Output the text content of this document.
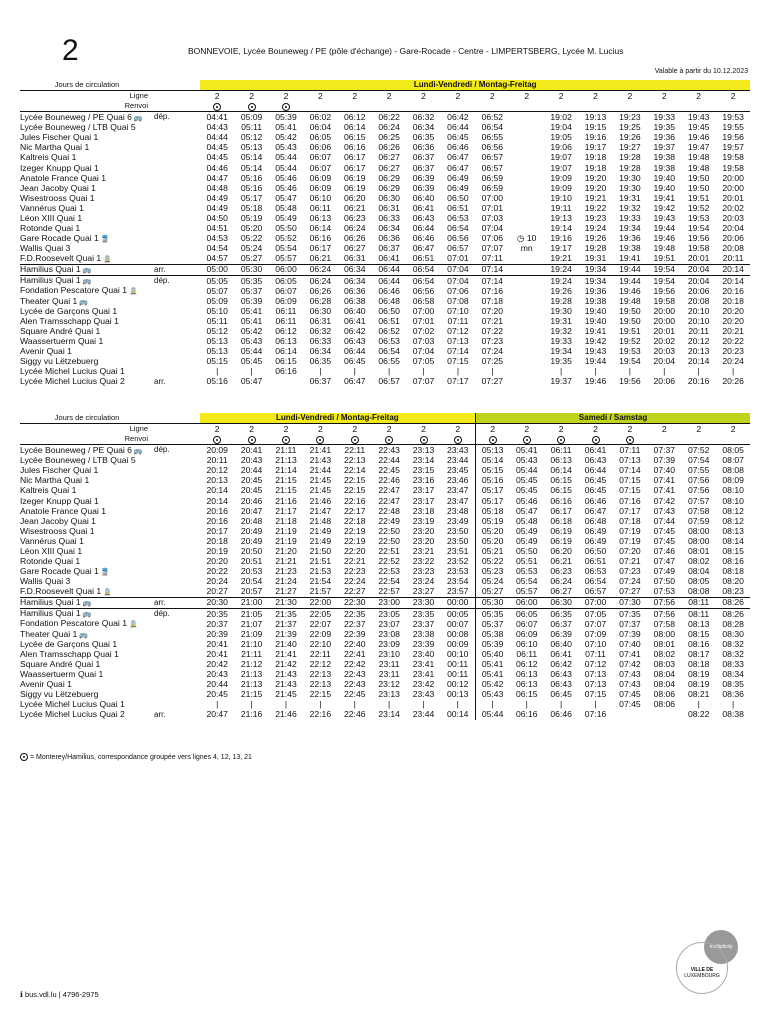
2	BONNEVOIE, Lycée Bouneweg / PE (pôle d'échange) - Gare-Rocade - Centre - LIMPERTSBERG, Lycée M. Lucius
Valable à partir du 10.12.2023
Jours de circulation		Lundi-Vendredi / Montag-Freitag															
Ligne		2	2	2	2	2	2	2	2	2	2	2	2	2	2	2	2
Renvoi																	
Lycée Bouneweg / PE Quai 6 🚌	dép.	04:41	05:09	05:39	06:02	06:12	06:22	06:32	06:42	06:52		19:02	19:13	19:23	19:33	19:43	19:53
Lycée Bouneweg / LTB Quai 5		04:43	05:11	05:41	06:04	06:14	06:24	06:34	06:44	06:54		19:04	19:15	19:25	19:35	19:45	19:55
Jules Fischer Quai 1		04:44	05:12	05:42	06:05	06:15	06:25	06:35	06:45	06:55		19:05	19:16	19:26	19:36	19:46	19:56
Nic Martha Quai 1		04:45	05:13	05:43	06:06	06:16	06:26	06:36	06:46	06:56		19:06	19:17	19:27	19:37	19:47	19:57
Kaltreis Quai 1		04:45	05:14	05:44	06:07	06:17	06:27	06:37	06:47	06:57		19:07	19:18	19:28	19:38	19:48	19:58
Izeger Knupp Quai 1		04:46	05:14	05:44	06:07	06:17	06:27	06:37	06:47	06:57		19:07	19:18	19:28	19:38	19:48	19:58
Anatole France Quai 1		04:47	05:16	05:46	06:09	06:19	06:29	06:39	06:49	06:59		19:09	19:20	19:30	19:40	19:50	20:00
Jean Jacoby Quai 1		04:48	05:16	05:46	06:09	06:19	06:29	06:39	06:49	06:59		19:09	19:20	19:30	19:40	19:50	20:00
Wisestrooss Quai 1		04:49	05:17	05:47	06:10	06:20	06:30	06:40	06:50	07:00		19:10	19:21	19:31	19:41	19:51	20:01
Vannérus Quai 1		04:49	05:18	05:48	06:11	06:21	06:31	06:41	06:51	07:01		19:11	19:22	19:32	19:42	19:52	20:02
Léon XIII Quai 1		04:50	05:19	05:49	06:13	06:23	06:33	06:43	06:53	07:03		19:13	19:23	19:33	19:43	19:53	20:03
Rotonde Quai 1		04:51	05:20	05:50	06:14	06:24	06:34	06:44	06:54	07:04		19:14	19:24	19:34	19:44	19:54	20:04
Gare Rocade Quai 1 🚆		04:53	05:22	05:52	06:16	06:26	06:36	06:46	06:56	07:06	◷ 10	19:16	19:26	19:36	19:46	19:56	20:06
Wallis Quai 3		04:54	05:24	05:54	06:17	06:27	06:37	06:47	06:57	07:07	mn	19:17	19:28	19:38	19:48	19:58	20:08
F.D.Roosevelt Quai 1 🚊		04:57	05:27	05:57	06:21	06:31	06:41	06:51	07:01	07:11		19:21	19:31	19:41	19:51	20:01	20:11
Hamilius Quai 1 🚌	arr.	05:00	05:30	06:00	06:24	06:34	06:44	06:54	07:04	07:14		19:24	19:34	19:44	19:54	20:04	20:14
Hamilius Quai 1 🚌	dép.	05:05	05:35	06:05	06:24	06:34	06:44	06:54	07:04	07:14		19:24	19:34	19:44	19:54	20:04	20:14
Fondation Pescatore Quai 1 🚊		05:07	05:37	06:07	06:26	06:36	06:46	06:56	07:06	07:16		19:26	19:36	19:46	19:56	20:06	20:16
Theater Quai 1 🚌		05:09	05:39	06:09	06:28	06:38	06:48	06:58	07:08	07:18		19:28	19:38	19:48	19:58	20:08	20:18
Lycée de Garçons Quai 1		05:10	05:41	06:11	06:30	06:40	06:50	07:00	07:10	07:20		19:30	19:40	19:50	20:00	20:10	20:20
Alen Tramsschapp Quai 1		05:11	05:41	06:11	06:31	06:41	06:51	07:01	07:11	07:21		19:31	19:40	19:50	20:00	20:10	20:20
Square André Quai 1		05:12	05:42	06:12	06:32	06:42	06:52	07:02	07:12	07:22		19:32	19:41	19:51	20:01	20:11	20:21
Waassertuerm Quai 1		05:13	05:43	06:13	06:33	06:43	06:53	07:03	07:13	07:23		19:33	19:42	19:52	20:02	20:12	20:22
Avenir Quai 1		05:13	05:44	06:14	06:34	06:44	06:54	07:04	07:14	07:24		19:34	19:43	19:53	20:03	20:13	20:23
Siggy vu Lëtzebuerg		05:15	05:45	06:15	06:35	06:45	06:55	07:05	07:15	07:25		19:35	19:44	19:54	20:04	20:14	20:24
Lycée Michel Lucius Quai 1		|	|	06:16	|	|	|	|	|	|		|	|	|	|	|	|
Lycée Michel Lucius Quai 2	arr.	05:16	05:47		06:37	06:47	06:57	07:07	07:17	07:27		19:37	19:46	19:56	20:06	20:16	20:26
Jours de circulation		Lundi-Vendredi / Montag-Freitag								Samedi / Samstag							
Ligne		2	2	2	2	2	2	2	2	2	2	2	2	2	2	2	2
Renvoi																	
Lycée Bouneweg / PE Quai 6 🚌	dép.	20:09	20:41	21:11	21:41	22:11	22:43	23:13	23:43	05:13	05:41	06:11	06:41	07:11	07:37	07:52	08:05
Lycée Bouneweg / LTB Quai 5		20:11	20:43	21:13	21:43	22:13	22:44	23:14	23:44	05:14	05:43	06:13	06:43	07:13	07:39	07:54	08:07
Jules Fischer Quai 1		20:12	20:44	21:14	21:44	22:14	22:45	23:15	23:45	05:15	05:44	06:14	06:44	07:14	07:40	07:55	08:08
Nic Martha Quai 1		20:13	20:45	21:15	21:45	22:15	22:46	23:16	23:46	05:16	05:45	06:15	06:45	07:15	07:41	07:56	08:09
Kaltreis Quai 1		20:14	20:45	21:15	21:45	22:15	22:47	23:17	23:47	05:17	05:45	06:15	06:45	07:15	07:41	07:56	08:10
Izeger Knupp Quai 1		20:14	20:46	21:16	21:46	22:16	22:47	23:17	23:47	05:17	05:46	06:16	06:46	07:16	07:42	07:57	08:10
Anatole France Quai 1		20:16	20:47	21:17	21:47	22:17	22:48	23:18	23:48	05:18	05:47	06:17	06:47	07:17	07:43	07:58	08:12
Jean Jacoby Quai 1		20:16	20:48	21:18	21:48	22:18	22:49	23:19	23:49	05:19	05:48	06:18	06:48	07:18	07:44	07:59	08:12
Wisestrooss Quai 1		20:17	20:49	21:19	21:49	22:19	22:50	23:20	23:50	05:20	05:49	06:19	06:49	07:19	07:45	08:00	08:13
Vannérus Quai 1		20:18	20:49	21:19	21:49	22:19	22:50	23:20	23:50	05:20	05:49	06:19	06:49	07:19	07:45	08:00	08:14
Léon XIII Quai 1		20:19	20:50	21:20	21:50	22:20	22:51	23:21	23:51	05:21	05:50	06:20	06:50	07:20	07:46	08:01	08:15
Rotonde Quai 1		20:20	20:51	21:21	21:51	22:21	22:52	23:22	23:52	05:22	05:51	06:21	06:51	07:21	07:47	08:02	08:16
Gare Rocade Quai 1 🚆		20:22	20:53	21:23	21:53	22:23	22:53	23:23	23:53	05:23	05:53	06:23	06:53	07:23	07:49	08:04	08:18
Wallis Quai 3		20:24	20:54	21:24	21:54	22:24	22:54	23:24	23:54	05:24	05:54	06:24	06:54	07:24	07:50	08:05	08:20
F.D.Roosevelt Quai 1 🚊		20:27	20:57	21:27	21:57	22:27	22:57	23:27	23:57	05:27	05:57	06:27	06:57	07:27	07:53	08:08	08:23
Hamilius Quai 1 🚌	arr.	20:30	21:00	21:30	22:00	22:30	23:00	23:30	00:00	05:30	06:00	06:30	07:00	07:30	07:56	08:11	08:26
Hamilius Quai 1 🚌	dép.	20:35	21:05	21:35	22:05	22:35	23:05	23:35	00:05	05:35	06:05	06:35	07:05	07:35	07:56	08:11	08:26
Fondation Pescatore Quai 1 🚊		20:37	21:07	21:37	22:07	22:37	23:07	23:37	00:07	05:37	06:07	06:37	07:07	07:37	07:58	08:13	08:28
Theater Quai 1 🚌		20:39	21:09	21:39	22:09	22:39	23:08	23:38	00:08	05:38	06:09	06:39	07:09	07:39	08:00	08:15	08:30
Lycée de Garçons Quai 1		20:41	21:10	21:40	22:10	22:40	23:09	23:39	00:09	05:39	06:10	06:40	07:10	07:40	08:01	08:16	08:32
Alen Tramsschapp Quai 1		20:41	21:11	21:41	22:11	22:41	23:10	23:40	00:10	05:40	06:11	06:41	07:11	07:41	08:02	08:17	08:32
Square André Quai 1		20:42	21:12	21:42	22:12	22:42	23:11	23:41	00:11	05:41	06:12	06:42	07:12	07:42	08:03	08:18	08:33
Waassertuerm Quai 1		20:43	21:13	21:43	22:13	22:43	23:11	23:41	00:11	05:41	06:13	06:43	07:13	07:43	08:04	08:19	08:34
Avenir Quai 1		20:44	21:13	21:43	22:13	22:43	23:12	23:42	00:12	05:42	06:13	06:43	07:13	07:43	08:04	08:19	08:35
Siggy vu Lëtzebuerg		20:45	21:15	21:45	22:15	22:45	23:13	23:43	00:13	05:43	06:15	06:45	07:15	07:45	08:06	08:21	08:36
Lycée Michel Lucius Quai 1		|	|	|	|	|	|	|	|	|	|	|	|	07:45	08:06	|	|
Lycée Michel Lucius Quai 2	arr.	20:47	21:16	21:46	22:16	22:46	23:14	23:44	00:14	05:44	06:16	06:46	07:16			08:22	08:38
= Monterey/Hamilius, correspondance groupée vers lignes 4, 12, 13, 21
multiplicity
VILLE DE
LUXEMBOURG
ℹ bus.vdl.lu | 4796-2975
